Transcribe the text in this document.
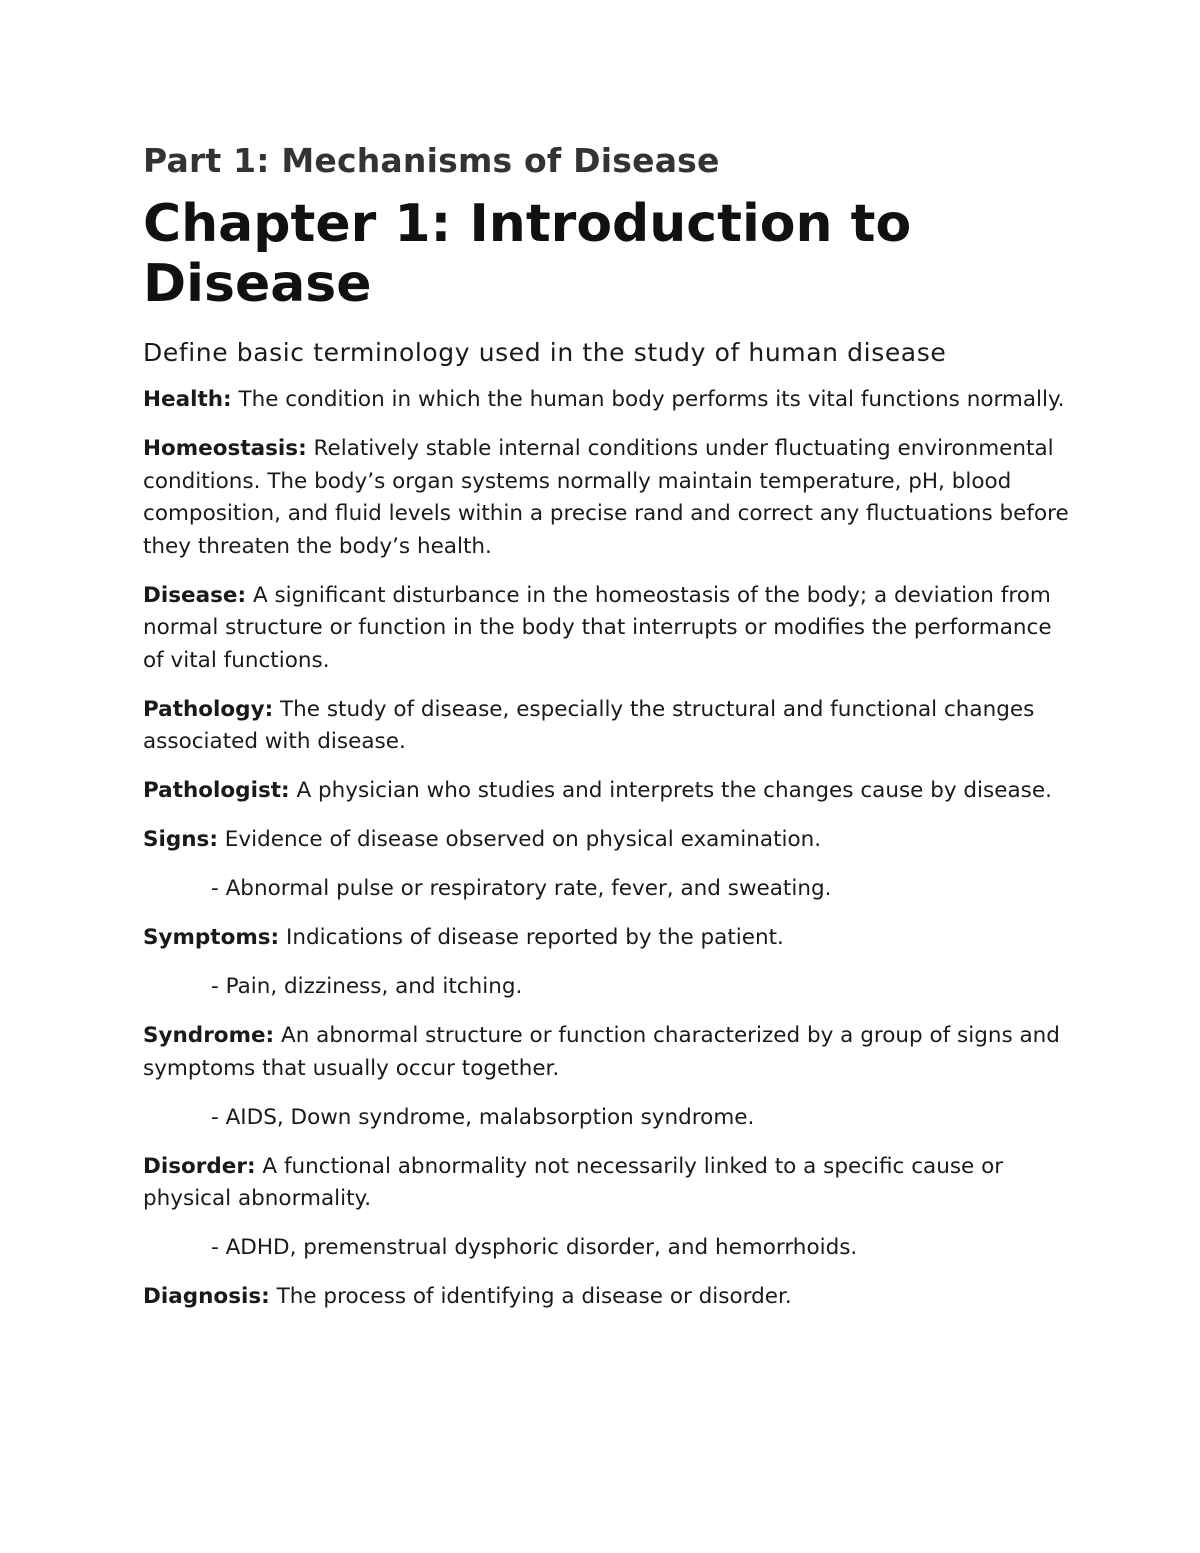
Part 1: Mechanisms of Disease
Chapter 1: Introduction to
Disease
Define basic terminology used in the study of human disease

Health: The condition in which the human body performs its vital functions normally.

Homeostasis: Relatively stable internal conditions under fluctuating environmental conditions. The body’s organ systems normally maintain temperature, pH, blood composition, and fluid levels within a precise rand and correct any fluctuations before they threaten the body’s health.

Disease: A significant disturbance in the homeostasis of the body; a deviation from normal structure or function in the body that interrupts or modifies the performance of vital functions.

Pathology: The study of disease, especially the structural and functional changes associated with disease.

Pathologist: A physician who studies and interprets the changes cause by disease.

Signs: Evidence of disease observed on physical examination.

- Abnormal pulse or respiratory rate, fever, and sweating.

Symptoms: Indications of disease reported by the patient.

- Pain, dizziness, and itching.

Syndrome: An abnormal structure or function characterized by a group of signs and symptoms that usually occur together.

- AIDS, Down syndrome, malabsorption syndrome.

Disorder: A functional abnormality not necessarily linked to a specific cause or physical abnormality.

- ADHD, premenstrual dysphoric disorder, and hemorrhoids.

Diagnosis: The process of identifying a disease or disorder.
